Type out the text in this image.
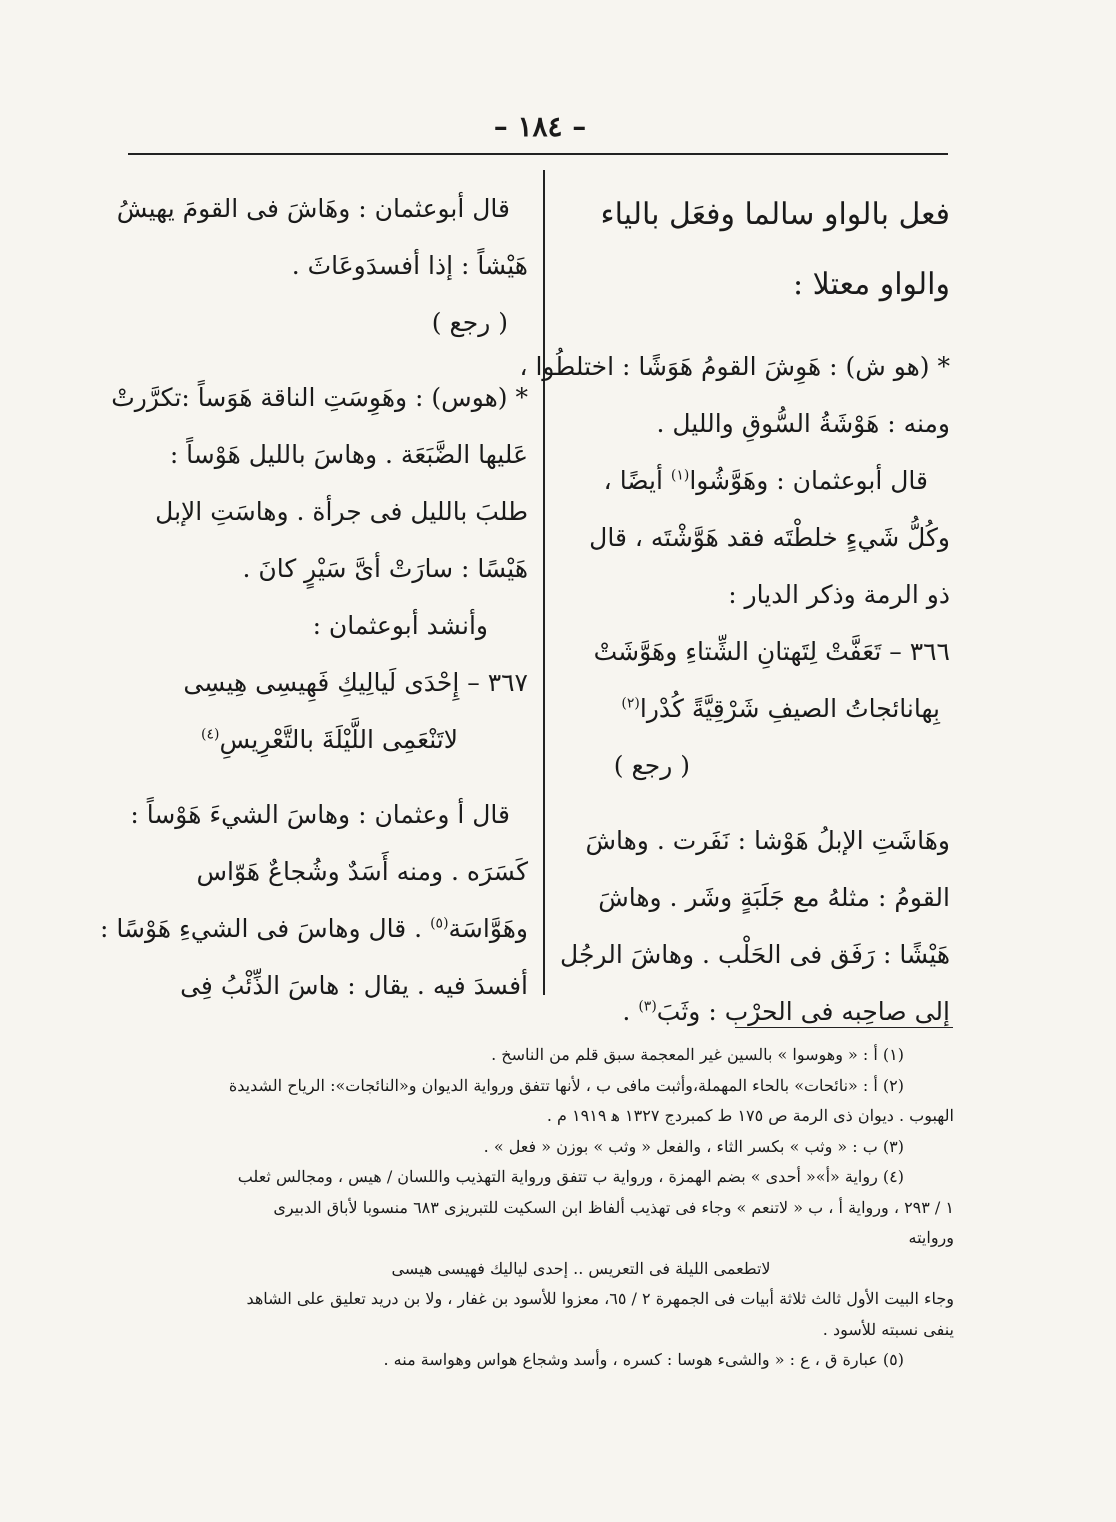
– ١٨٤ –

فعل بالواو سالما وفعَل بالياء

والواو معتلا :

* (هو ش) : هَوِشَ القومُ هَوَشًا : اختلطُوا ،

ومنه : هَوْشَةُ السُّوقِ والليل .

قال أبوعثمان : وهَوَّشُوا$^{(١)}$ أيضًا ،

وكُلُّ شَيءٍ خلطْتَه فقد هَوَّشْتَه ، قال

ذو الرمة وذكر الديار :

٣٦٦ – تَعَفَّتْ لِتَهتانِ الشِّتاءِ وهَوَّشَتْ

بِهانائجاتُ الصيفِ شَرْقِيَّةً كُدْرا$^{(٢)}$

( رجع )

وهَاشَتِ الإبلُ هَوْشا : نَفَرت . وهاشَ

القومُ : مثلهُ مع جَلَبَةٍ وشَر . وهاشَ

هَيْشًا : رَفَق فى الحَلْب . وهاشَ الرجُل

إلى صاحِبه فى الحرْب : وثَبَ$^{(٣)}$ .

قال أبوعثمان : وهَاشَ فى القومَ يهيشُ

هَيْشاً : إذا أفسدَوعَاثَ .

( رجع )

* (هوس) : وهَوِسَتِ الناقة هَوَساً :تكرَّرتْ

عَليها الضَّبَعَة . وهاسَ بالليل هَوْساً :

طلبَ بالليل فى جرأة . وهاسَتِ الإبل

هَيْسًا : سارَتْ أىَّ سَيْرٍ كانَ .

وأنشد أبوعثمان :

٣٦٧ – إِحْدَى لَيالِيكِ فَهِيسِى هِيسِى

لاتَنْعَمِى اللَّيْلَةَ بالتَّعْرِيسِ$^{(٤)}$

قال أ وعثمان : وهاسَ الشيءَ هَوْساً :

كَسَرَه . ومنه أَسَدٌ وشُجاعٌ هَوّاس

وهَوَّاسَة$^{(٥)}$ . قال وهاسَ فى الشيءِ هَوْسًا :

أفسدَ فيه . يقال : هاسَ الذِّئْبُ فِى

(١) أ : « وهوسوا » بالسين غير المعجمة سبق قلم من الناسخ .

(٢) أ : «نائحات» بالحاء المهملة،وأثبت مافى ب ، لأنها تتفق ورواية الديوان و«النائجات»: الرياح الشديدة

الهبوب . ديوان ذى الرمة ص ١٧٥ ط كمبردج ١٣٢٧ ﻫ ١٩١٩ م .

(٣) ب : « وثب » بكسر الثاء ، والفعل « وثب » بوزن « فعل » .

(٤) رواية «أ»« أحدى » بضم الهمزة ، ورواية ب تتفق ورواية التهذيب واللسان / هيس ، ومجالس ثعلب

١ / ٢٩٣ ، ورواية أ ، ب « لاتنعم » وجاء فى تهذيب ألفاظ ابن السكيت للتبريزى ٦٨٣ منسوبا لأباق الدبيرى

وروايته

لاتطعمى الليلة فى التعريس .. إحدى لياليك فهيسى هيسى

وجاء البيت الأول ثالث ثلاثة أبيات فى الجمهرة ٢ / ٦٥، معزوا للأسود بن غفار ، ولا بن دريد تعليق على الشاهد

ينفى نسبته للأسود .

(٥) عبارة ق ، ع : « والشىء هوسا : كسره ، وأسد وشجاع هواس وهواسة منه .
